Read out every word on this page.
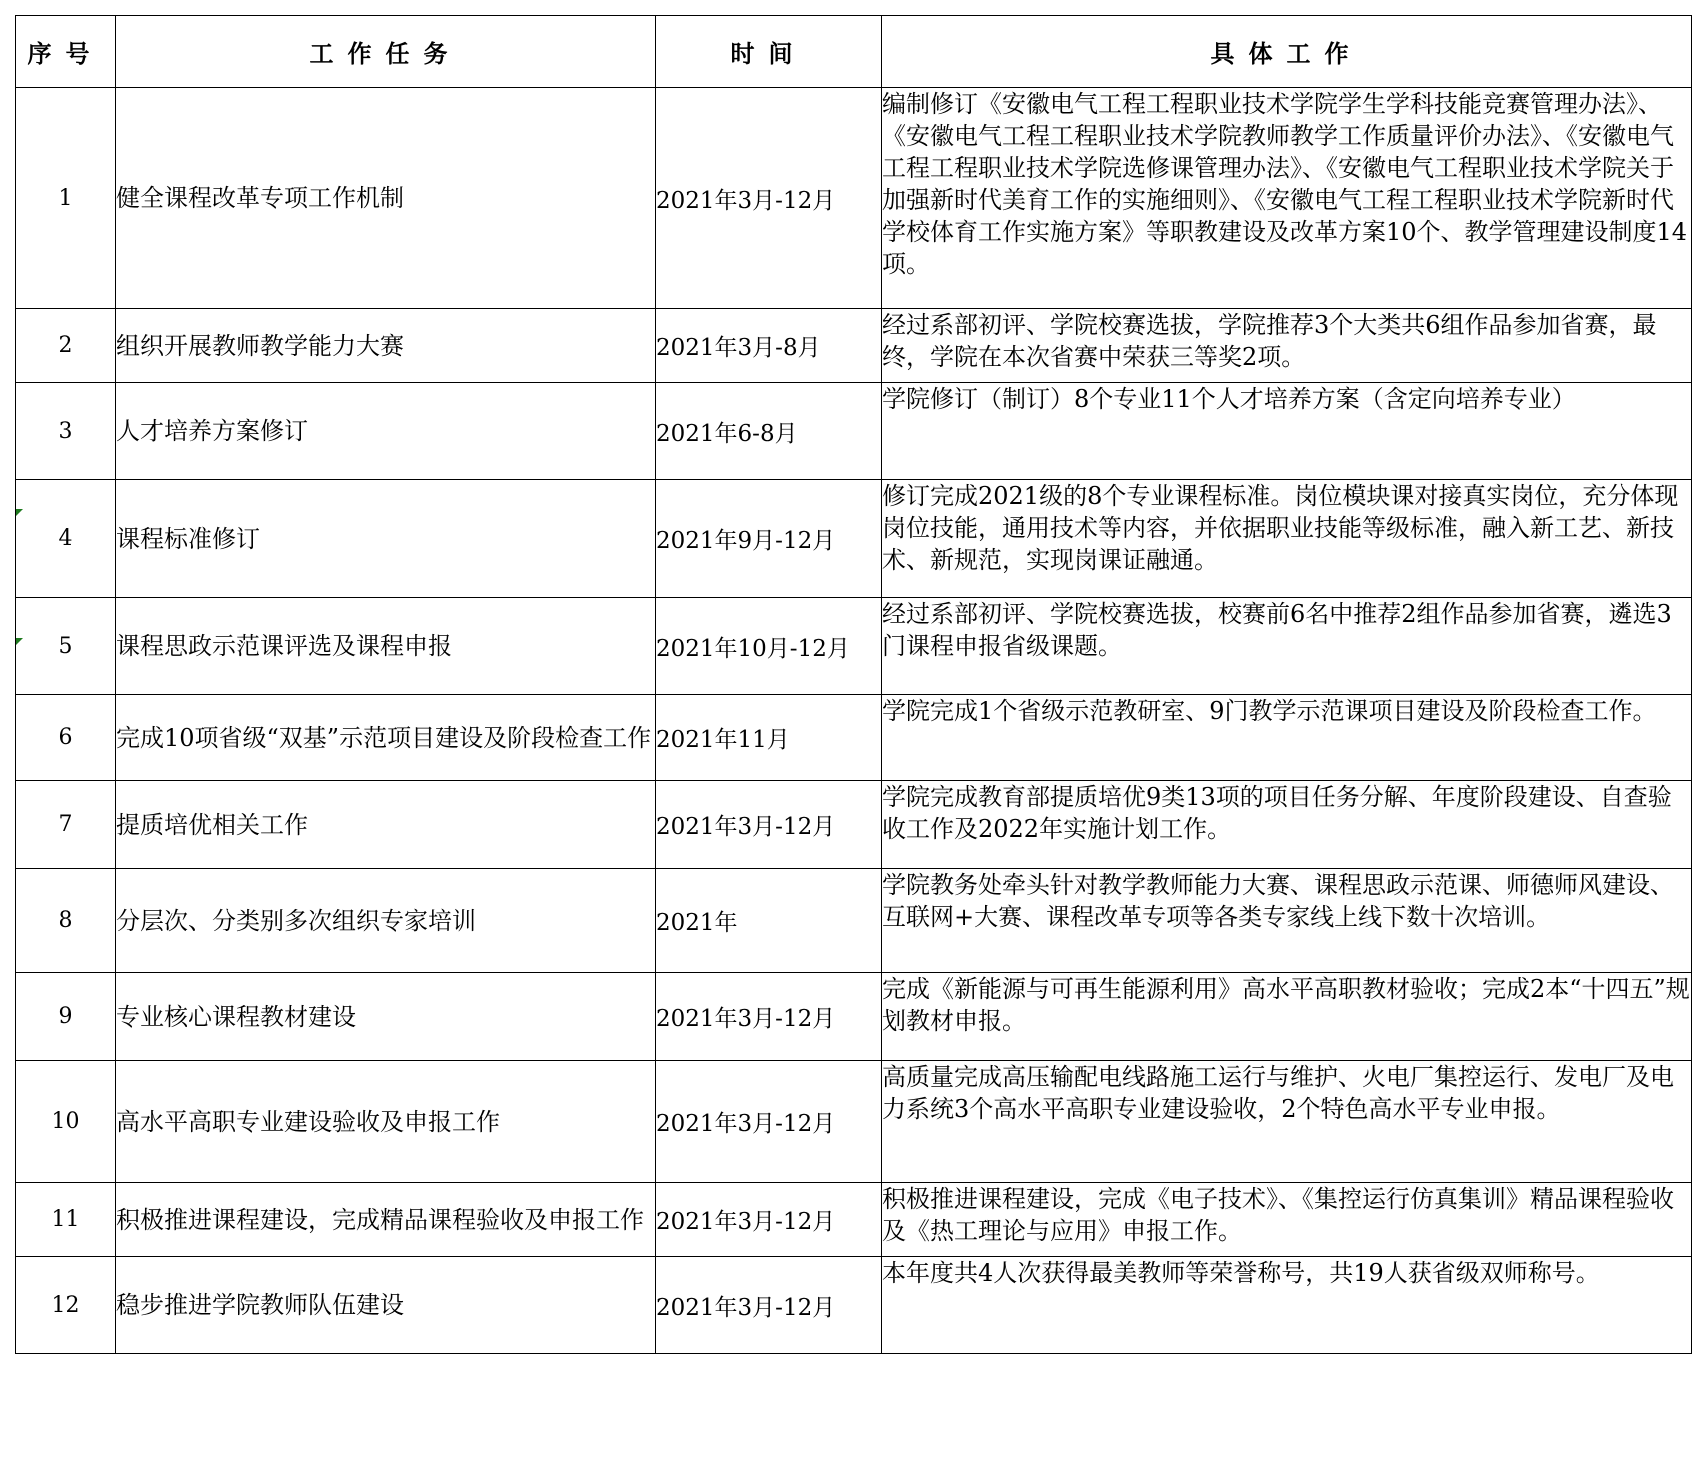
序号	工作任务	时间	具体工作
1	健全课程改革专项工作机制	2021年3月-12月	编制修订《安徽电气工程工程职业技术学院学生学科技能竞赛管理办法》、《安徽电气工程工程职业技术学院教师教学工作质量评价办法》、《安徽电气工程工程职业技术学院选修课管理办法》、《安徽电气工程职业技术学院关于加强新时代美育工作的实施细则》、《安徽电气工程工程职业技术学院新时代学校体育工作实施方案》等职教建设及改革方案10个、教学管理建设制度14项。
2	组织开展教师教学能力大赛	2021年3月-8月	经过系部初评、学院校赛选拔，学院推荐3个大类共6组作品参加省赛，最终，学院在本次省赛中荣获三等奖2项。
3	人才培养方案修订	2021年6-8月	学院修订（制订）8个专业11个人才培养方案（含定向培养专业）
4	课程标准修订	2021年9月-12月	修订完成2021级的8个专业课程标准。岗位模块课对接真实岗位，充分体现岗位技能，通用技术等内容，并依据职业技能等级标准，融入新工艺、新技术、新规范，实现岗课证融通。
5	课程思政示范课评选及课程申报	2021年10月-12月	经过系部初评、学院校赛选拔，校赛前6名中推荐2组作品参加省赛，遴选3门课程申报省级课题。
6	完成10项省级“双基”示范项目建设及阶段检查工作	2021年11月	学院完成1个省级示范教研室、9门教学示范课项目建设及阶段检查工作。
7	提质培优相关工作	2021年3月-12月	学院完成教育部提质培优9类13项的项目任务分解、年度阶段建设、自查验收工作及2022年实施计划工作。
8	分层次、分类别多次组织专家培训	2021年	学院教务处牵头针对教学教师能力大赛、课程思政示范课、师德师风建设、互联网+大赛、课程改革专项等各类专家线上线下数十次培训。
9	专业核心课程教材建设	2021年3月-12月	完成《新能源与可再生能源利用》高水平高职教材验收；完成2本“十四五”规划教材申报。
10	高水平高职专业建设验收及申报工作	2021年3月-12月	高质量完成高压输配电线路施工运行与维护、火电厂集控运行、发电厂及电力系统3个高水平高职专业建设验收，2个特色高水平专业申报。
11	积极推进课程建设，完成精品课程验收及申报工作	2021年3月-12月	积极推进课程建设，完成《电子技术》、《集控运行仿真集训》精品课程验收及《热工理论与应用》申报工作。
12	稳步推进学院教师队伍建设	2021年3月-12月	本年度共4人次获得最美教师等荣誉称号，共19人获省级双师称号。
